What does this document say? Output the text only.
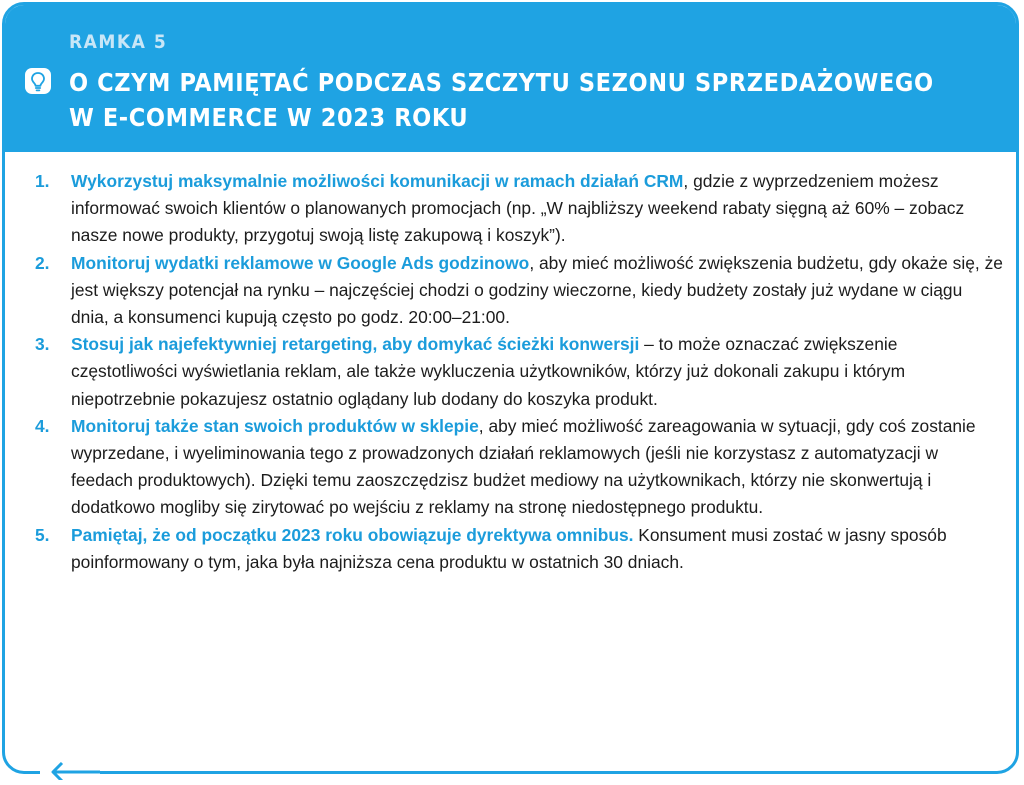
RAMKA 5
O CZYM PAMIĘTAĆ PODCZAS SZCZYTU SEZONU SPRZEDAŻOWEGO
W E-COMMERCE W 2023 ROKU
1. Wykorzystuj maksymalnie możliwości komunikacji w ramach działań CRM, gdzie z wyprzedzeniem możesz informować swoich klientów o planowanych promocjach (np. „W najbliższy weekend rabaty sięgną aż 60% – zobacz nasze nowe produkty, przygotuj swoją listę zakupową i koszyk”).
2. Monitoruj wydatki reklamowe w Google Ads godzinowo, aby mieć możliwość zwiększenia budżetu, gdy okaże się, że jest większy potencjał na rynku – najczęściej chodzi o godziny wieczorne, kiedy budżety zostały już wydane w ciągu dnia, a konsumenci kupują często po godz. 20:00–21:00.
3. Stosuj jak najefektywniej retargeting, aby domykać ścieżki konwersji – to może oznaczać zwiększenie częstotliwości wyświetlania reklam, ale także wykluczenia użytkowników, którzy już dokonali zakupu i którym niepotrzebnie pokazujesz ostatnio oglądany lub dodany do koszyka produkt.
4. Monitoruj także stan swoich produktów w sklepie, aby mieć możliwość zareagowania w sytuacji, gdy coś zostanie wyprzedane, i wyeliminowania tego z prowadzonych działań reklamowych (jeśli nie korzystasz z automatyzacji w feedach produktowych). Dzięki temu zaoszczędzisz budżet mediowy na użytkownikach, którzy nie skonwertują i dodatkowo mogliby się zirytować po wejściu z reklamy na stronę niedostępnego produktu.
5. Pamiętaj, że od początku 2023 roku obowiązuje dyrektywa omnibus. Konsument musi zostać w jasny sposób poinformowany o tym, jaka była najniższa cena produktu w ostatnich 30 dniach.
